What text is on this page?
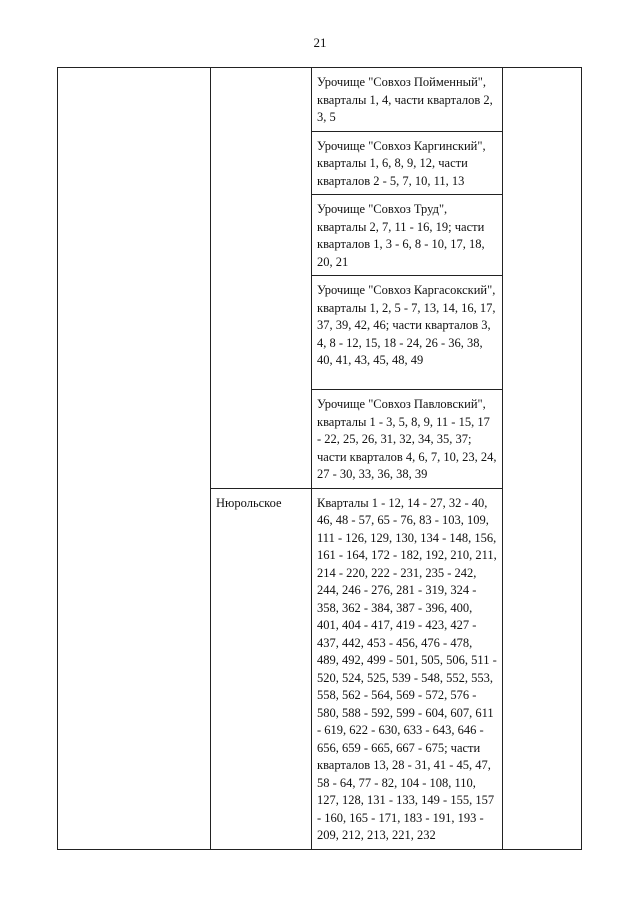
21
		Урочище "Совхоз Пойменный", кварталы 1, 4, части кварталов 2, 3, 5	
		Урочище "Совхоз Каргинский", кварталы 1, 6, 8, 9, 12, части кварталов 2 - 5, 7, 10, 11, 13	
		Урочище "Совхоз Труд", кварталы 2, 7, 11 - 16, 19; части кварталов 1, 3 - 6, 8 - 10, 17, 18, 20, 21	
		Урочище "Совхоз Каргасокский", кварталы 1, 2, 5 - 7, 13, 14, 16, 17, 37, 39, 42, 46; части кварталов 3, 4, 8 - 12, 15, 18 - 24, 26 - 36, 38, 40, 41, 43, 45, 48, 49	
		Урочище "Совхоз Павловский", кварталы 1 - 3, 5, 8, 9, 11 - 15, 17 - 22, 25, 26, 31, 32, 34, 35, 37; части кварталов 4, 6, 7, 10, 23, 24, 27 - 30, 33, 36, 38, 39	
	Нюрольское	Кварталы 1 - 12, 14 - 27, 32 - 40, 46, 48 - 57, 65 - 76, 83 - 103, 109, 111 - 126, 129, 130, 134 - 148, 156, 161 - 164, 172 - 182, 192, 210, 211, 214 - 220, 222 - 231, 235 - 242, 244, 246 - 276, 281 - 319, 324 - 358, 362 - 384, 387 - 396, 400, 401, 404 - 417, 419 - 423, 427 - 437, 442, 453 - 456, 476 - 478, 489, 492, 499 - 501, 505, 506, 511 - 520, 524, 525, 539 - 548, 552, 553, 558, 562 - 564, 569 - 572, 576 - 580, 588 - 592, 599 - 604, 607, 611 - 619, 622 - 630, 633 - 643, 646 - 656, 659 - 665, 667 - 675; части кварталов 13, 28 - 31, 41 - 45, 47, 58 - 64, 77 - 82, 104 - 108, 110, 127, 128, 131 - 133, 149 - 155, 157 - 160, 165 - 171, 183 - 191, 193 - 209, 212, 213, 221, 232	
